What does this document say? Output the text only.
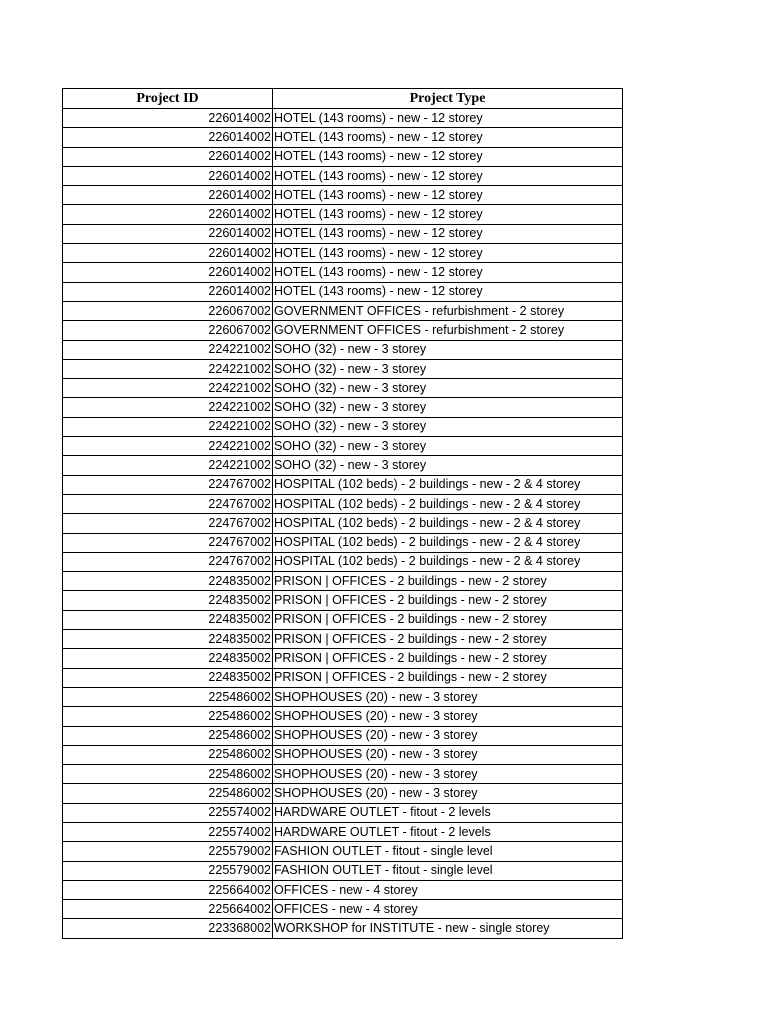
Project ID	Project Type
226014002	HOTEL (143 rooms) - new - 12 storey
226014002	HOTEL (143 rooms) - new - 12 storey
226014002	HOTEL (143 rooms) - new - 12 storey
226014002	HOTEL (143 rooms) - new - 12 storey
226014002	HOTEL (143 rooms) - new - 12 storey
226014002	HOTEL (143 rooms) - new - 12 storey
226014002	HOTEL (143 rooms) - new - 12 storey
226014002	HOTEL (143 rooms) - new - 12 storey
226014002	HOTEL (143 rooms) - new - 12 storey
226014002	HOTEL (143 rooms) - new - 12 storey
226067002	GOVERNMENT OFFICES - refurbishment - 2 storey
226067002	GOVERNMENT OFFICES - refurbishment - 2 storey
224221002	SOHO (32) - new - 3 storey
224221002	SOHO (32) - new - 3 storey
224221002	SOHO (32) - new - 3 storey
224221002	SOHO (32) - new - 3 storey
224221002	SOHO (32) - new - 3 storey
224221002	SOHO (32) - new - 3 storey
224221002	SOHO (32) - new - 3 storey
224767002	HOSPITAL (102 beds) - 2 buildings - new - 2 & 4 storey
224767002	HOSPITAL (102 beds) - 2 buildings - new - 2 & 4 storey
224767002	HOSPITAL (102 beds) - 2 buildings - new - 2 & 4 storey
224767002	HOSPITAL (102 beds) - 2 buildings - new - 2 & 4 storey
224767002	HOSPITAL (102 beds) - 2 buildings - new - 2 & 4 storey
224835002	PRISON | OFFICES - 2 buildings - new - 2 storey
224835002	PRISON | OFFICES - 2 buildings - new - 2 storey
224835002	PRISON | OFFICES - 2 buildings - new - 2 storey
224835002	PRISON | OFFICES - 2 buildings - new - 2 storey
224835002	PRISON | OFFICES - 2 buildings - new - 2 storey
224835002	PRISON | OFFICES - 2 buildings - new - 2 storey
225486002	SHOPHOUSES (20) - new - 3 storey
225486002	SHOPHOUSES (20) - new - 3 storey
225486002	SHOPHOUSES (20) - new - 3 storey
225486002	SHOPHOUSES (20) - new - 3 storey
225486002	SHOPHOUSES (20) - new - 3 storey
225486002	SHOPHOUSES (20) - new - 3 storey
225574002	HARDWARE OUTLET - fitout - 2 levels
225574002	HARDWARE OUTLET - fitout - 2 levels
225579002	FASHION OUTLET - fitout - single level
225579002	FASHION OUTLET - fitout - single level
225664002	OFFICES - new - 4 storey
225664002	OFFICES - new - 4 storey
223368002	WORKSHOP for INSTITUTE - new - single storey
